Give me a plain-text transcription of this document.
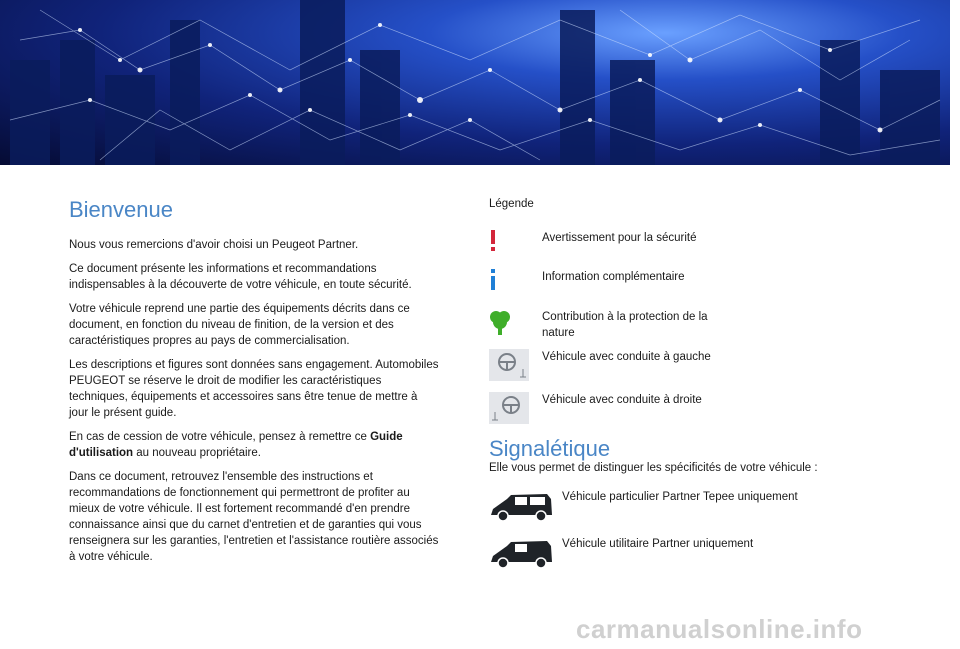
Bienvenue

Nous vous remercions d'avoir choisi un Peugeot Partner.

Ce document présente les informations et recommandations indispensables à la découverte de votre véhicule, en toute sécurité.

Votre véhicule reprend une partie des équipements décrits dans ce document, en fonction du niveau de finition, de la version et des caractéristiques propres au pays de commercialisation.

Les descriptions et figures sont données sans engagement. Automobiles PEUGEOT se réserve le droit de modifier les caractéristiques techniques, équipements et accessoires sans être tenue de mettre à jour le présent guide.

En cas de cession de votre véhicule, pensez à remettre ce Guide d'utilisation au nouveau propriétaire.

Dans ce document, retrouvez l'ensemble des instructions et recommandations de fonctionnement qui permettront de profiter au mieux de votre véhicule. Il est fortement recommandé d'en prendre connaissance ainsi que du carnet d'entretien et de garanties qui vous renseignera sur les garanties, l'entretien et l'assistance routière associés à votre véhicule.

Légende
Avertissement pour la sécurité
Information complémentaire
Contribution à la protection de la nature
Véhicule avec conduite à gauche
Véhicule avec conduite à droite
Signalétique
Elle vous permet de distinguer les spécificités de votre véhicule :
Véhicule particulier Partner Tepee uniquement
Véhicule utilitaire Partner uniquement
carmanualsonline.info
